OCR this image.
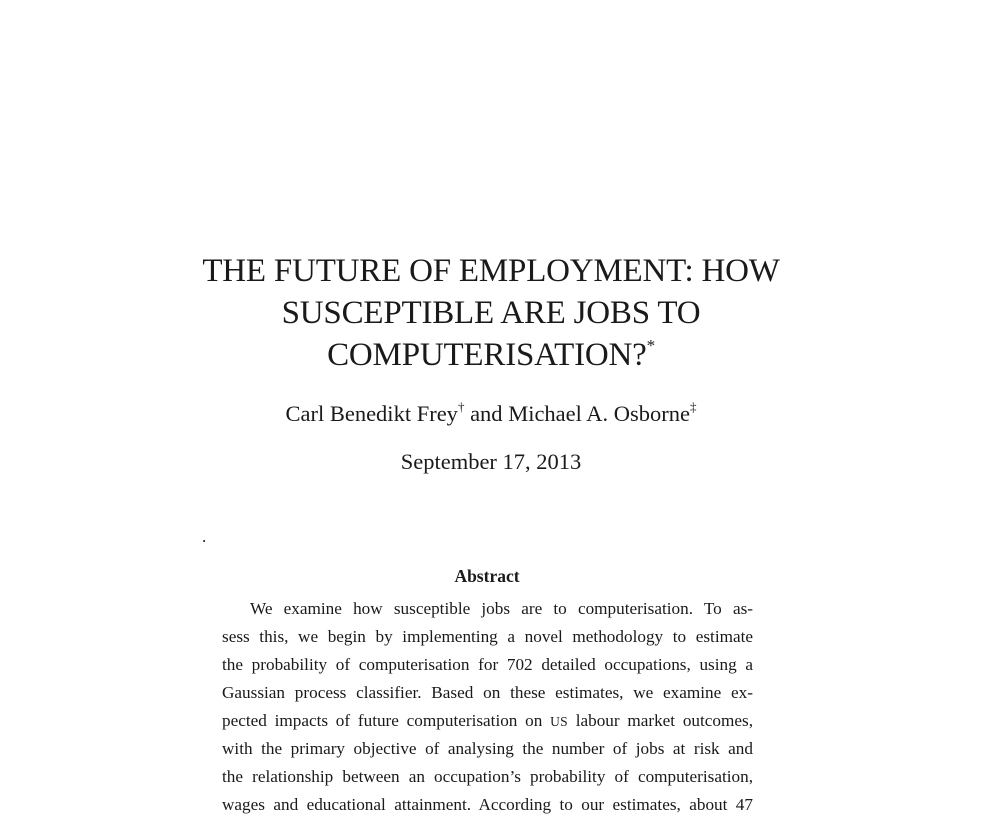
THE FUTURE OF EMPLOYMENT: HOW
SUSCEPTIBLE ARE JOBS TO
COMPUTERISATION?*
Carl Benedikt Frey† and Michael A. Osborne‡
September 17, 2013
.
Abstract
We examine how susceptible jobs are to computerisation. To as-
sess this, we begin by implementing a novel methodology to estimate
the probability of computerisation for 702 detailed occupations, using a
Gaussian process classifier. Based on these estimates, we examine ex-
pected impacts of future computerisation on US labour market outcomes,
with the primary objective of analysing the number of jobs at risk and
the relationship between an occupation’s probability of computerisation,
wages and educational attainment. According to our estimates, about 47
